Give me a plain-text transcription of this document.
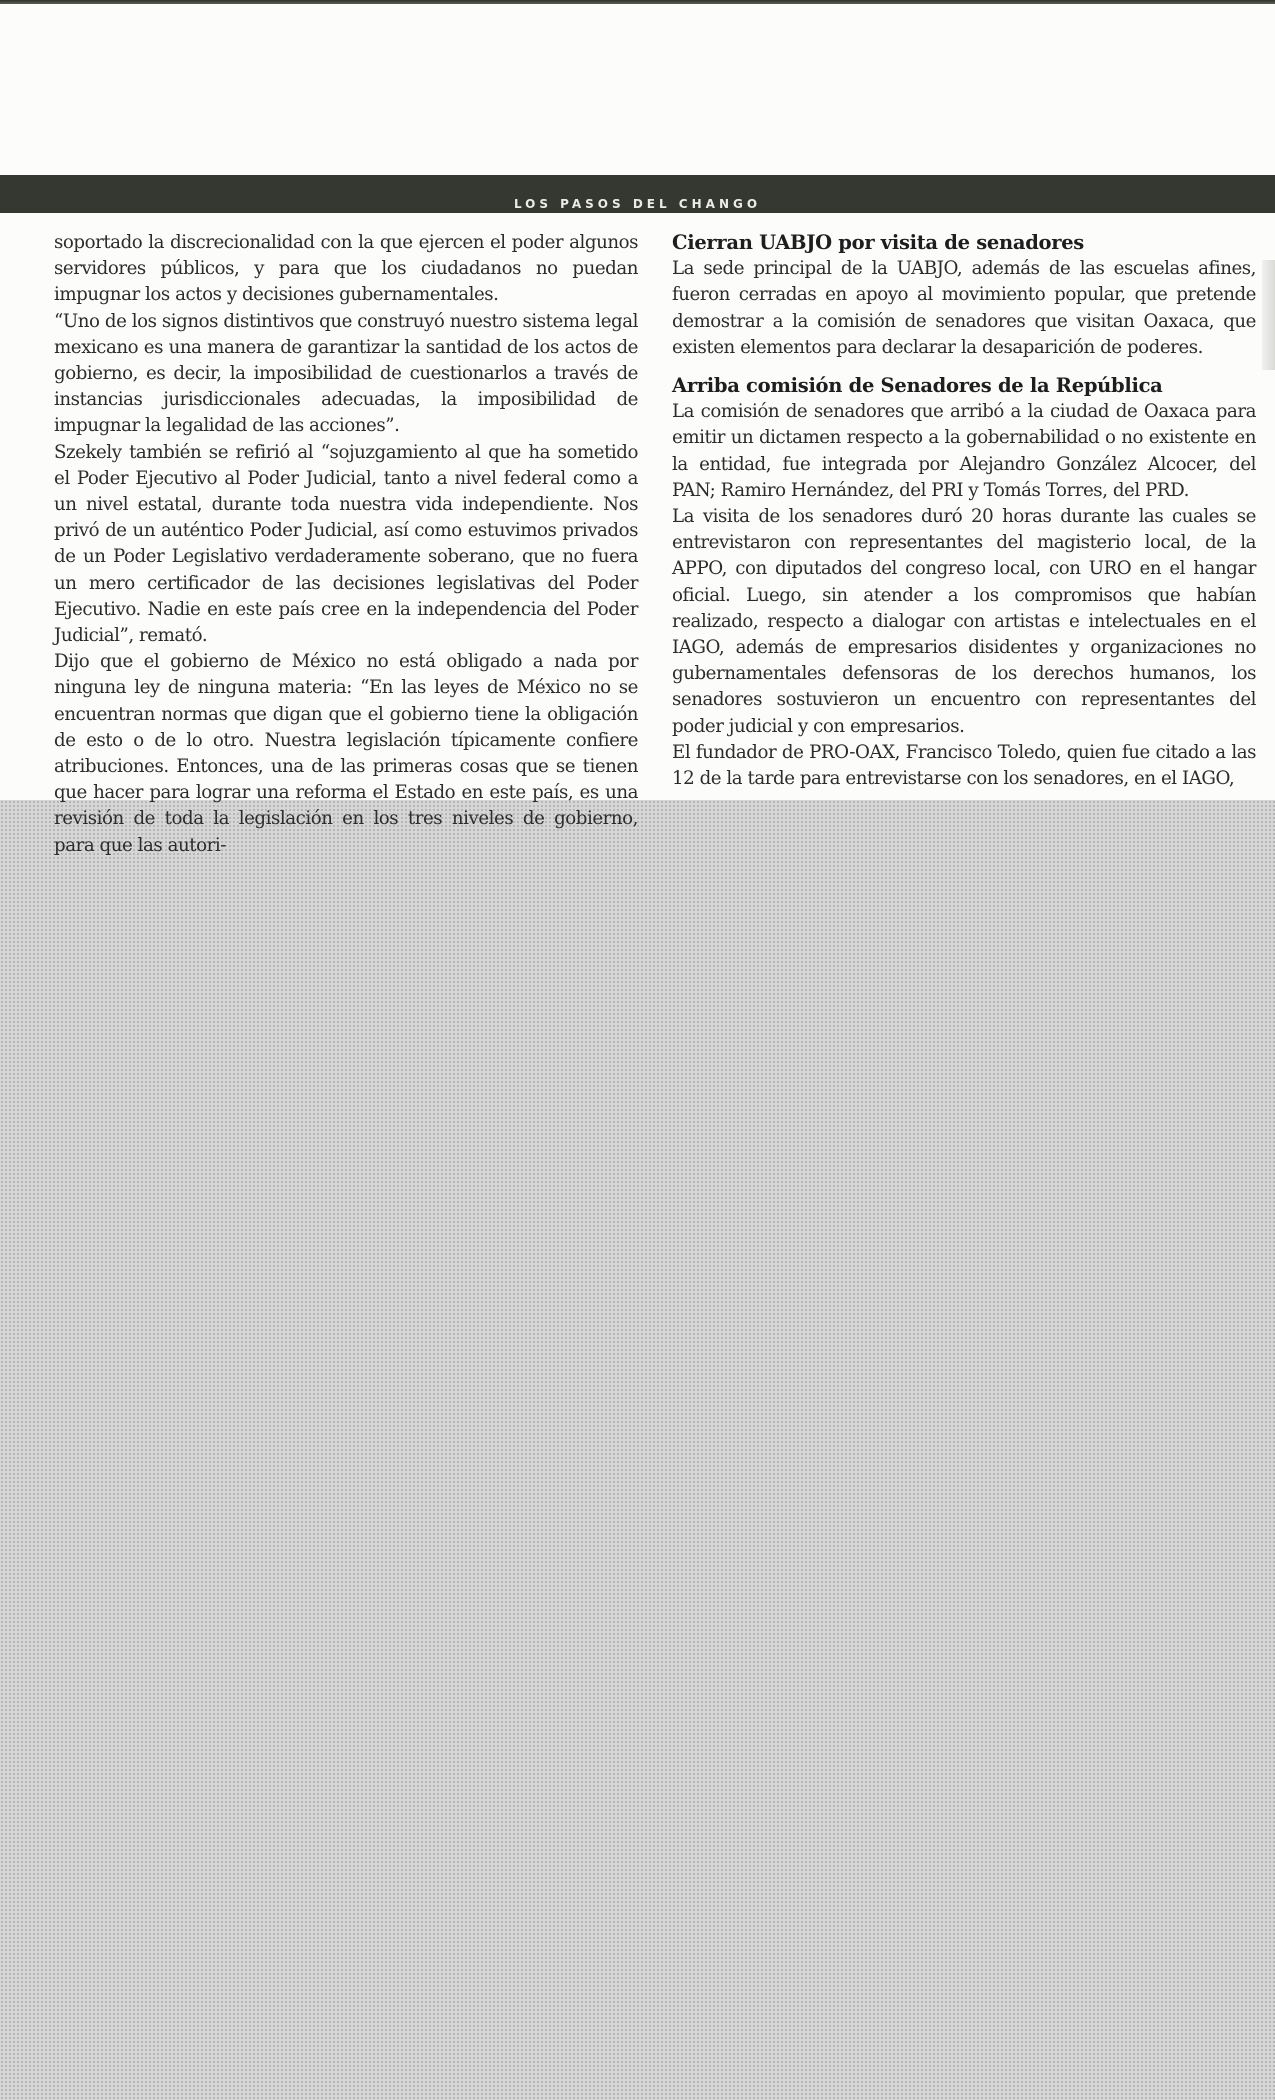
LOS PASOS DEL CHANGO

soportado la discrecionalidad con la que ejercen el poder algunos servidores públicos, y para que los ciudadanos no puedan impugnar los actos y decisiones gubernamentales.

“Uno de los signos distintivos que construyó nuestro sistema legal mexicano es una manera de garantizar la santidad de los actos de gobierno, es decir, la imposibilidad de cuestionarlos a través de instancias jurisdiccionales adecuadas, la imposibilidad de impugnar la legalidad de las acciones”.

Szekely también se refirió al “sojuzgamiento al que ha sometido el Poder Ejecutivo al Poder Judicial, tanto a nivel federal como a un nivel estatal, durante toda nuestra vida independiente. Nos privó de un auténtico Poder Judicial, así como estuvimos privados de un Poder Legislativo verdaderamente soberano, que no fuera un mero certificador de las decisiones legislativas del Poder Ejecutivo. Nadie en este país cree en la independencia del Poder Judicial”, remató.

Dijo que el gobierno de México no está obligado a nada por ninguna ley de ninguna materia: “En las leyes de México no se encuentran normas que digan que el gobierno tiene la obligación de esto o de lo otro. Nuestra legislación típicamente confiere atribuciones. Entonces, una de las primeras cosas que se tienen que hacer para lograr una reforma el Estado en este país, es una revisión de toda la legislación en los tres niveles de gobierno, para que las autori-

Cierran UABJO por visita de senadores

La sede principal de la UABJO, además de las escuelas afines, fueron cerradas en apoyo al movimiento popular, que pretende demostrar a la comisión de senadores que visitan Oaxaca, que existen elementos para declarar la desaparición de poderes.

Arriba comisión de Senadores de la República

La comisión de senadores que arribó a la ciudad de Oaxaca para emitir un dictamen respecto a la gobernabilidad o no existente en la entidad, fue integrada por Alejandro González Alcocer, del PAN; Ramiro Hernández, del PRI y Tomás Torres, del PRD.

La visita de los senadores duró 20 horas durante las cuales se entrevistaron con representantes del magisterio local, de la APPO, con diputados del congreso local, con URO en el hangar oficial. Luego, sin atender a los compromisos que habían realizado, respecto a dialogar con artistas e intelectuales en el IAGO, además de empresarios disidentes y organizaciones no gubernamentales defensoras de los derechos humanos, los senadores sostuvieron un encuentro con representantes del poder judicial y con empresarios.

El fundador de PRO-OAX, Francisco Toledo, quien fue citado a las 12 de la tarde para entrevistarse con los senadores, en el IAGO,
